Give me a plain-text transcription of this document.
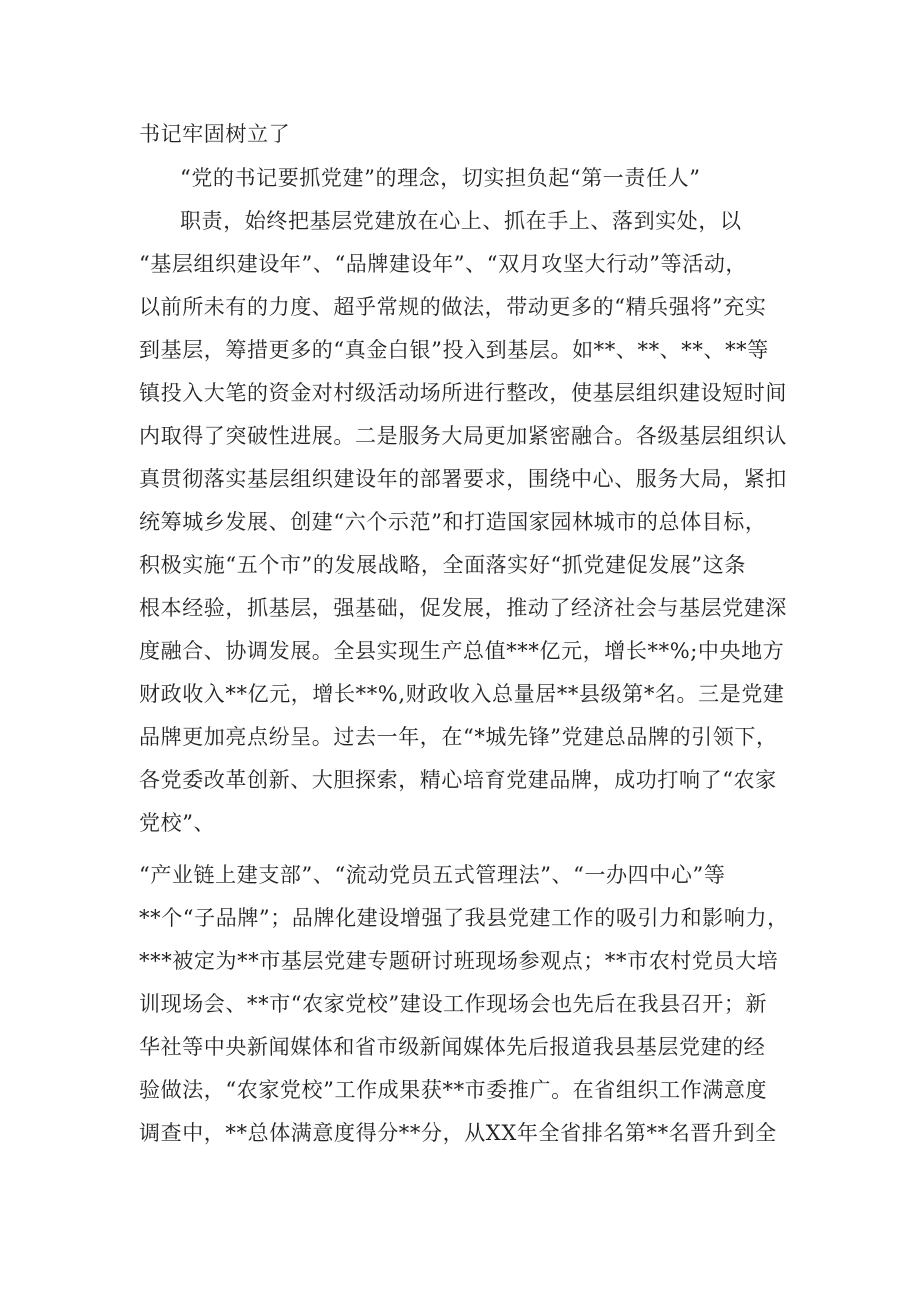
书记牢固树立了
“党的书记要抓党建”的理念，切实担负起“第一责任人”
职责，始终把基层党建放在心上、抓在手上、落到实处，以
“基层组织建设年”、“品牌建设年”、“双月攻坚大行动”等活动，
以前所未有的力度、超乎常规的做法，带动更多的“精兵强将”充实
到基层，筹措更多的“真金白银”投入到基层。如**、**、**、**等
镇投入大笔的资金对村级活动场所进行整改，使基层组织建设短时间
内取得了突破性进展。二是服务大局更加紧密融合。各级基层组织认
真贯彻落实基层组织建设年的部署要求，围绕中心、服务大局，紧扣
统筹城乡发展、创建“六个示范”和打造国家园林城市的总体目标，
积极实施“五个市”的发展战略，全面落实好“抓党建促发展”这条
根本经验，抓基层，强基础，促发展，推动了经济社会与基层党建深
度融合、协调发展。全县实现生产总值***亿元，增长**%;中央地方
财政收入**亿元，增长**%,财政收入总量居**县级第*名。三是党建
品牌更加亮点纷呈。过去一年，在“*城先锋”党建总品牌的引领下，
各党委改革创新、大胆探索，精心培育党建品牌，成功打响了“农家
党校”、
“产业链上建支部”、“流动党员五式管理法”、“一办四中心”等
**个“子品牌”；品牌化建设增强了我县党建工作的吸引力和影响力，
***被定为**市基层党建专题研讨班现场参观点；**市农村党员大培
训现场会、**市“农家党校”建设工作现场会也先后在我县召开；新
华社等中央新闻媒体和省市级新闻媒体先后报道我县基层党建的经
验做法，“农家党校”工作成果获**市委推广。在省组织工作满意度
调查中，**总体满意度得分**分，从XX年全省排名第**名晋升到全
